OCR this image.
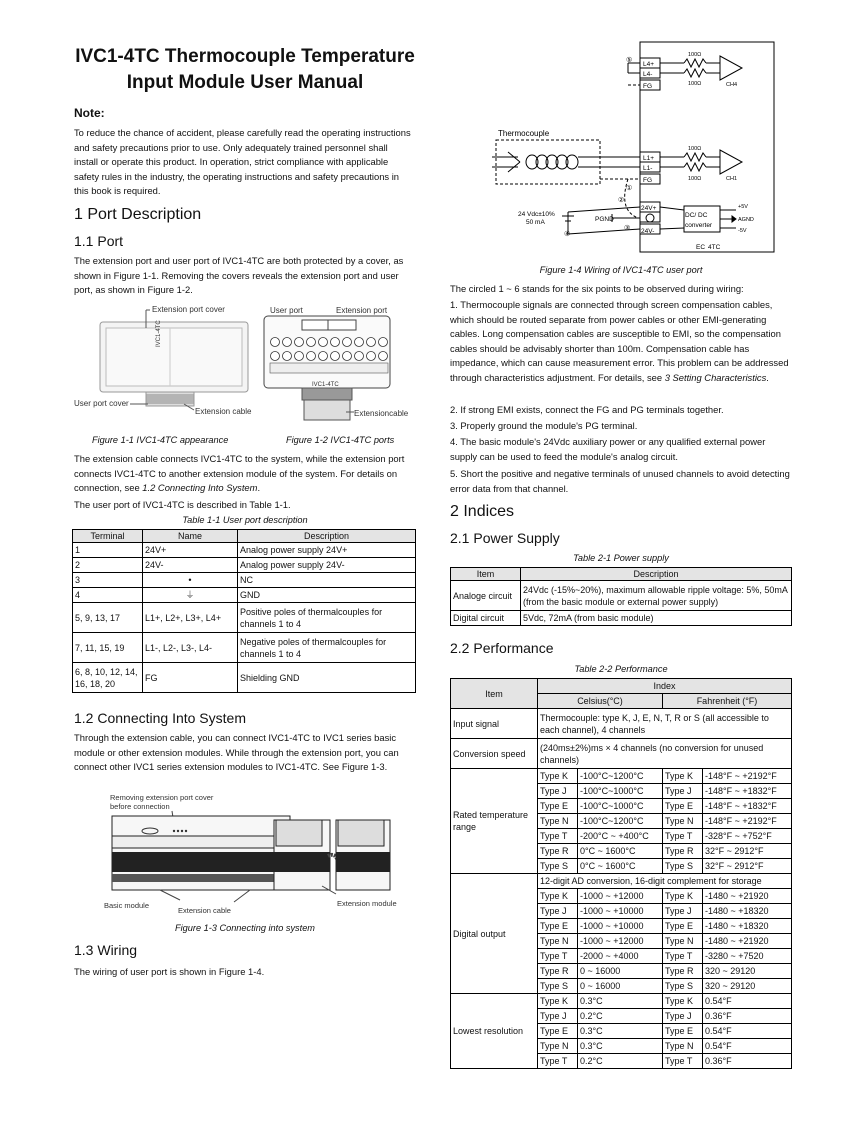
IVC1-4TC Thermocouple Temperature Input Module User Manual
Note:

To reduce the chance of accident, please carefully read the operating instructions and safety precautions prior to use. Only adequately trained personnel shall install or operate this product. In operation, strict compliance with applicable safety rules in the industry, the operating instructions and safety precautions in this book is required.

1 Port Description
1.1 Port

The extension port and user port of IVC1-4TC are both protected by a cover, as shown in Figure 1-1. Removing the covers reveals the extension port and user port, as shown in Figure 1-2.

IVC1-4TC
Extension port cover
User port cover
Extension cable
IVC1-4TC
User port	Extension port
Extensioncable
Figure 1-1 IVC1-4TC appearance	Figure 1-2 IVC1-4TC ports

The extension cable connects IVC1-4TC to the system, while the extension port connects IVC1-4TC to another extension module of the system. For details on connection, see 1.2 Connecting Into System.

The user port of IVC1-4TC is described in Table 1-1.

Table 1-1 User port description
Terminal	Name	Description
1	24V+	Analog power supply 24V+
2	24V-	Analog power supply 24V-
3	•	NC
4	⏚	GND
5, 9, 13, 17	L1+, L2+, L3+, L4+	Positive poles of thermalcouples for channels 1 to 4
7, 11, 15, 19	L1-, L2-, L3-, L4-	Negative poles of thermalcouples for channels 1 to 4
6, 8, 10, 12, 14, 16, 18, 20	FG	Shielding GND
1.2 Connecting Into System

Through the extension cable, you can connect IVC1-4TC to IVC1 series basic module or other extension modules. While through the extension port, you can connect other IVC1 series extension modules to IVC1-4TC. See Figure 1-3.

Removing extension port cover
before connection
Basic module
Extension cable
Extension module
Figure 1-3 Connecting into system
1.3 Wiring

The wiring of user port is shown in Figure 1-4.

Thermocouple
L4+
L4-
FG
100Ω
100Ω	CH4
L1+
L1-
FG
100Ω
100Ω	CH1
24V+
24V-
24 Vdc±10%
50 mA	PGND
DC/ DC
converter
+5V
AGND
-5V
EC 4TC
⑤
①
②
③
④
Figure 1-4 Wiring of IVC1-4TC user port

The circled 1 ~ 6 stands for the six points to be observed during wiring:

1. Thermocouple signals are connected through screen compensation cables, which should be routed separate from power cables or other EMI-generating cables. Long compensation cables are susceptible to EMI, so the compensation cables should be advisably shorter than 100m. Compensation cable has impedance, which can cause measurement error. This problem can be addressed through characteristics adjustment. For details, see 3 Setting Characteristics.

2. If strong EMI exists, connect the FG and PG terminals together.

3. Properly ground the module's PG terminal.

4. The basic module's 24Vdc auxiliary power or any qualified external power supply can be used to feed the module's analog circuit.

5. Short the positive and negative terminals of unused channels to avoid detecting error data from that channel.

2 Indices
2.1 Power Supply
Table 2-1 Power supply
Item	Description
Analoge circuit	24Vdc (-15%~20%), maximum allowable ripple voltage: 5%, 50mA (from the basic module or external power supply)
Digital circuit	5Vdc, 72mA (from basic module)
2.2 Performance
Table 2-2 Performance
Item	Index			
	Celsius(°C)		Fahrenheit (°F)	
Input signal	Thermocouple: type K, J, E, N, T, R or S (all accessible to each channel), 4 channels			
Conversion speed	(240ms±2%)ms × 4 channels (no conversion for unused channels)			
Rated temperature range	Type K	-100°C~1200°C	Type K	-148°F ~ +2192°F
	Type J	-100°C~1000°C	Type J	-148°F ~ +1832°F
	Type E	-100°C~1000°C	Type E	-148°F ~ +1832°F
	Type N	-100°C~1200°C	Type N	-148°F ~ +2192°F
	Type T	-200°C ~ +400°C	Type T	-328°F ~ +752°F
	Type R	0°C ~ 1600°C	Type R	32°F ~ 2912°F
	Type S	0°C ~ 1600°C	Type S	32°F ~ 2912°F
Digital output	12-digit AD conversion, 16-digit complement for storage			
	Type K	-1000 ~ +12000	Type K	-1480 ~ +21920
	Type J	-1000 ~ +10000	Type J	-1480 ~ +18320
	Type E	-1000 ~ +10000	Type E	-1480 ~ +18320
	Type N	-1000 ~ +12000	Type N	-1480 ~ +21920
	Type T	-2000 ~ +4000	Type T	-3280 ~ +7520
	Type R	0 ~ 16000	Type R	320 ~ 29120
	Type S	0 ~ 16000	Type S	320 ~ 29120
Lowest resolution	Type K	0.3°C	Type K	0.54°F
	Type J	0.2°C	Type J	0.36°F
	Type E	0.3°C	Type E	0.54°F
	Type N	0.3°C	Type N	0.54°F
	Type T	0.2°C	Type T	0.36°F
